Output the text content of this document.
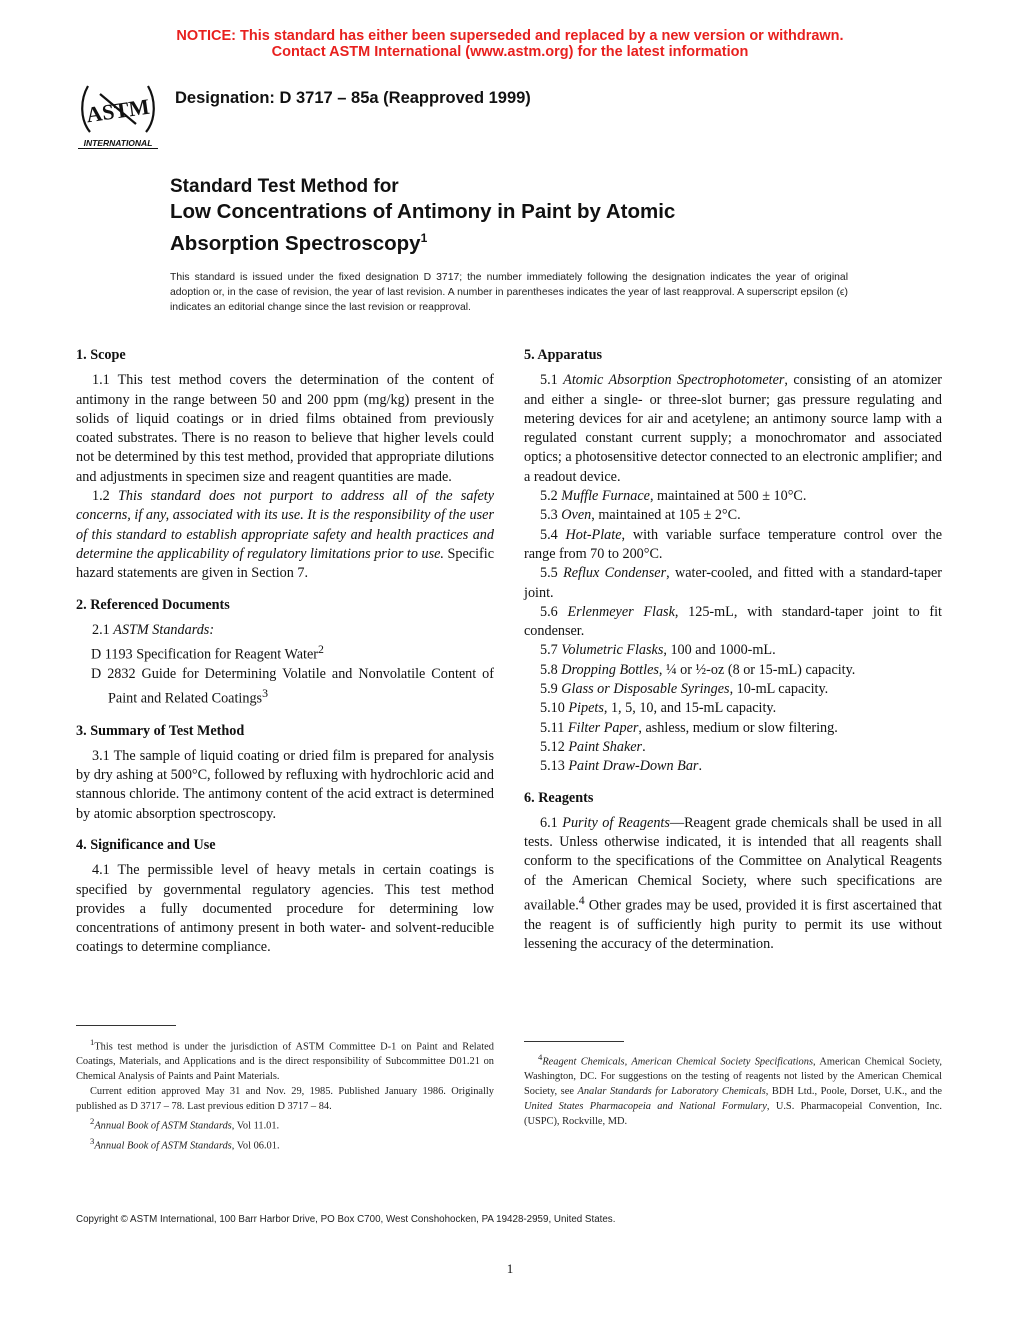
NOTICE: This standard has either been superseded and replaced by a new version or withdrawn.
Contact ASTM International (www.astm.org) for the latest information
ASTM
INTERNATIONAL
Designation: D 3717 – 85a (Reapproved 1999)
Standard Test Method for
Low Concentrations of Antimony in Paint by Atomic
Absorption Spectroscopy$^1$
This standard is issued under the fixed designation D 3717; the number immediately following the designation indicates the year of original adoption or, in the case of revision, the year of last revision. A number in parentheses indicates the year of last reapproval. A superscript epsilon (ϵ) indicates an editorial change since the last revision or reapproval.
1. Scope

1.1 This test method covers the determination of the content of antimony in the range between 50 and 200 ppm (mg/kg) present in the solids of liquid coatings or in dried films obtained from previously coated substrates. There is no reason to believe that higher levels could not be determined by this test method, provided that appropriate dilutions and adjustments in specimen size and reagent quantities are made.

1.2 This standard does not purport to address all of the safety concerns, if any, associated with its use. It is the responsibility of the user of this standard to establish appropriate safety and health practices and determine the applicability of regulatory limitations prior to use. Specific hazard statements are given in Section 7.

2. Referenced Documents

2.1 ASTM Standards:

D 1193 Specification for Reagent Water$^2$

D 2832 Guide for Determining Volatile and Nonvolatile Content of Paint and Related Coatings$^3$

3. Summary of Test Method

3.1 The sample of liquid coating or dried film is prepared for analysis by dry ashing at 500°C, followed by refluxing with hydrochloric acid and stannous chloride. The antimony content of the acid extract is determined by atomic absorption spectroscopy.

4. Significance and Use

4.1 The permissible level of heavy metals in certain coatings is specified by governmental regulatory agencies. This test method provides a fully documented procedure for determining low concentrations of antimony present in both water- and solvent-reducible coatings to determine compliance.

5. Apparatus

5.1 Atomic Absorption Spectrophotometer, consisting of an atomizer and either a single- or three-slot burner; gas pressure regulating and metering devices for air and acetylene; an antimony source lamp with a regulated constant current supply; a monochromator and associated optics; a photosensitive detector connected to an electronic amplifier; and a readout device.

5.2 Muffle Furnace, maintained at 500 ± 10°C.

5.3 Oven, maintained at 105 ± 2°C.

5.4 Hot-Plate, with variable surface temperature control over the range from 70 to 200°C.

5.5 Reflux Condenser, water-cooled, and fitted with a standard-taper joint.

5.6 Erlenmeyer Flask, 125-mL, with standard-taper joint to fit condenser.

5.7 Volumetric Flasks, 100 and 1000-mL.

5.8 Dropping Bottles, ¼ or ½-oz (8 or 15-mL) capacity.

5.9 Glass or Disposable Syringes, 10-mL capacity.

5.10 Pipets, 1, 5, 10, and 15-mL capacity.

5.11 Filter Paper, ashless, medium or slow filtering.

5.12 Paint Shaker.

5.13 Paint Draw-Down Bar.

6. Reagents

6.1 Purity of Reagents—Reagent grade chemicals shall be used in all tests. Unless otherwise indicated, it is intended that all reagents shall conform to the specifications of the Committee on Analytical Reagents of the American Chemical Society, where such specifications are available.$^4$ Other grades may be used, provided it is first ascertained that the reagent is of sufficiently high purity to permit its use without lessening the accuracy of the determination.

$^1$This test method is under the jurisdiction of ASTM Committee D-1 on Paint and Related Coatings, Materials, and Applications and is the direct responsibility of Subcommittee D01.21 on Chemical Analysis of Paints and Paint Materials.

Current edition approved May 31 and Nov. 29, 1985. Published January 1986. Originally published as D 3717 – 78. Last previous edition D 3717 – 84.

$^2$Annual Book of ASTM Standards, Vol 11.01.

$^3$Annual Book of ASTM Standards, Vol 06.01.

$^4$Reagent Chemicals, American Chemical Society Specifications, American Chemical Society, Washington, DC. For suggestions on the testing of reagents not listed by the American Chemical Society, see Analar Standards for Laboratory Chemicals, BDH Ltd., Poole, Dorset, U.K., and the United States Pharmacopeia and National Formulary, U.S. Pharmacopeial Convention, Inc. (USPC), Rockville, MD.

Copyright © ASTM International, 100 Barr Harbor Drive, PO Box C700, West Conshohocken, PA 19428-2959, United States.
1
